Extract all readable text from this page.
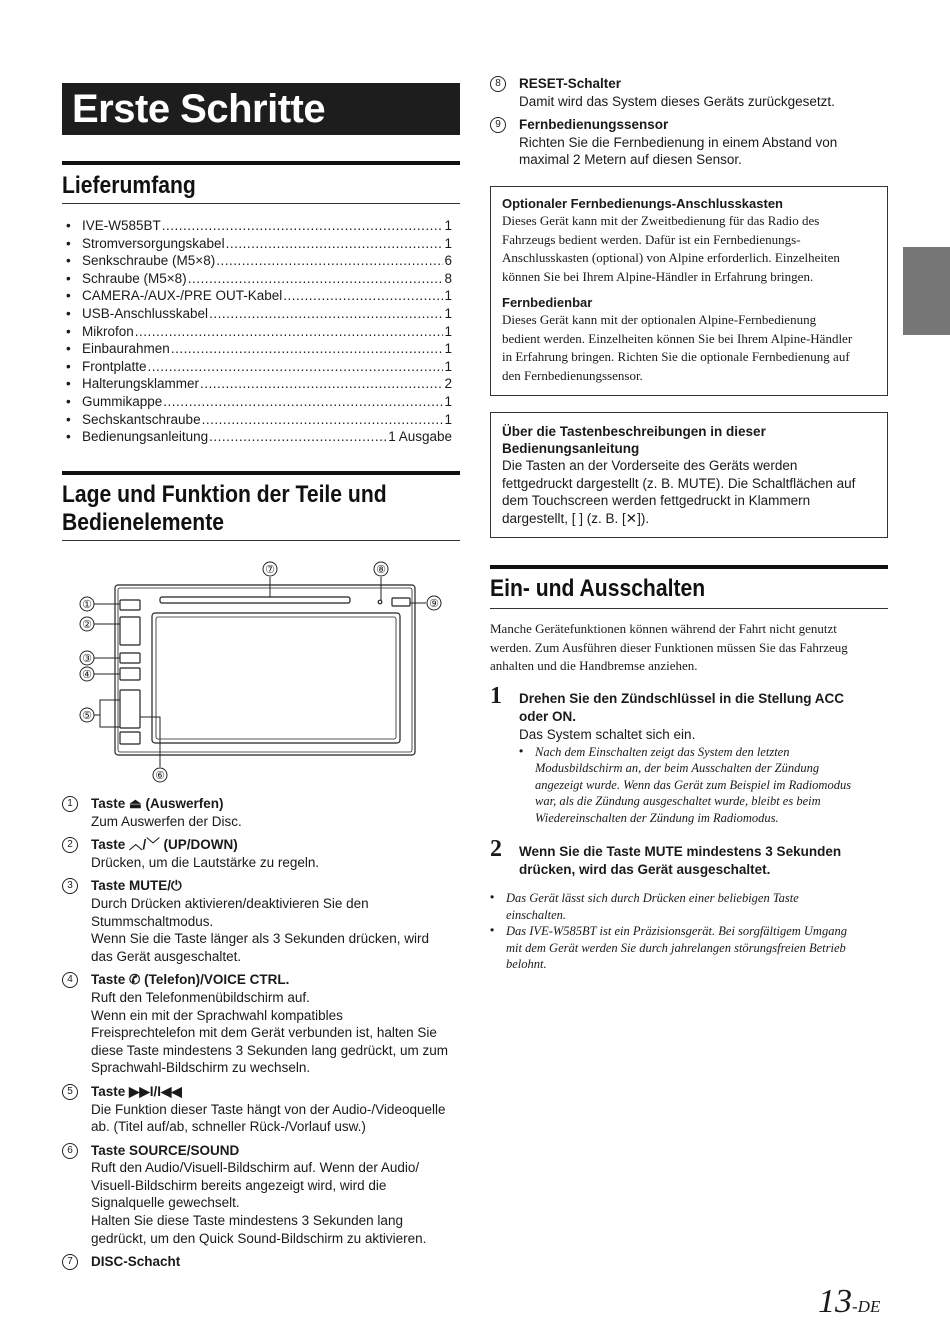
Erste Schritte
Lieferumfang
• IVE-W585BT .....	1
• Stromversorgungskabel .....	1
• Senkschraube (M5×8) .....	6
• Schraube (M5×8) .....	8
• CAMERA-/AUX-/PRE OUT-Kabel .....	1
• USB-Anschlusskabel .....	1
• Mikrofon .....	1
• Einbaurahmen .....	1
• Frontplatte .....	1
• Halterungsklammer .....	2
• Gummikappe .....	1
• Sechskantschraube .....	1
• Bedienungsanleitung .....	1 Ausgabe
Lage und Funktion der Teile und
Bedienelemente
①
②
③
④
⑤
⑥
⑦	⑧
⑨
1	Taste ⏏ (Auswerfen)
Zum Auswerfen der Disc.
2	Taste ︿/﹀ (UP/DOWN)
Drücken, um die Lautstärke zu regeln.
3	Taste MUTE/⏻
Durch Drücken aktivieren/deaktivieren Sie den
Stummschaltmodus.
Wenn Sie die Taste länger als 3 Sekunden drücken, wird
das Gerät ausgeschaltet.
4	Taste ✆ (Telefon)/VOICE CTRL.
Ruft den Telefonmenübildschirm auf.
Wenn ein mit der Sprachwahl kompatibles
Freisprechtelefon mit dem Gerät verbunden ist, halten Sie
diese Taste mindestens 3 Sekunden lang gedrückt, um zum
Sprachwahl-Bildschirm zu wechseln.
5	Taste ▶▶I/I◀◀
Die Funktion dieser Taste hängt von der Audio-/Videoquelle
ab. (Titel auf/ab, schneller Rück-/Vorlauf usw.)
6	Taste SOURCE/SOUND
Ruft den Audio/Visuell-Bildschirm auf. Wenn der Audio/
Visuell-Bildschirm bereits angezeigt wird, wird die
Signalquelle gewechselt.
Halten Sie diese Taste mindestens 3 Sekunden lang
gedrückt, um den Quick Sound-Bildschirm zu aktivieren.
7	DISC-Schacht
8	RESET-Schalter
Damit wird das System dieses Geräts zurückgesetzt.
9	Fernbedienungssensor
Richten Sie die Fernbedienung in einem Abstand von
maximal 2 Metern auf diesen Sensor.
Optionaler Fernbedienungs-Anschlusskasten
Dieses Gerät kann mit der Zweitbedienung für das Radio des
Fahrzeugs bedient werden. Dafür ist ein Fernbedienungs-
Anschlusskasten (optional) von Alpine erforderlich. Einzelheiten
können Sie bei Ihrem Alpine-Händler in Erfahrung bringen.
Fernbedienbar
Dieses Gerät kann mit der optionalen Alpine-Fernbedienung
bedient werden. Einzelheiten können Sie bei Ihrem Alpine-Händler
in Erfahrung bringen. Richten Sie die optionale Fernbedienung auf
den Fernbedienungssensor.
Über die Tastenbeschreibungen in dieser
Bedienungsanleitung
Die Tasten an der Vorderseite des Geräts werden
fettgedruckt dargestellt (z. B. MUTE). Die Schaltflächen auf
dem Touchscreen werden fettgedruckt in Klammern
dargestellt, [ ] (z. B. [✕]).
Ein- und Ausschalten
Manche Gerätefunktionen können während der Fahrt nicht genutzt
werden. Zum Ausführen dieser Funktionen müssen Sie das Fahrzeug
anhalten und die Handbremse anziehen.
1 Drehen Sie den Zündschlüssel in die Stellung ACC
oder ON.
Das System schaltet sich ein.
• Nach dem Einschalten zeigt das System den letzten
Modusbildschirm an, der beim Ausschalten der Zündung
angezeigt wurde. Wenn das Gerät zum Beispiel im Radiomodus
war, als die Zündung ausgeschaltet wurde, bleibt es beim
Wiedereinschalten der Zündung im Radiomodus.
2 Wenn Sie die Taste MUTE mindestens 3 Sekunden
drücken, wird das Gerät ausgeschaltet.
• Das Gerät lässt sich durch Drücken einer beliebigen Taste
einschalten.
• Das IVE-W585BT ist ein Präzisionsgerät. Bei sorgfältigem Umgang
mit dem Gerät werden Sie durch jahrelangen störungsfreien Betrieb
belohnt.
13-DE
